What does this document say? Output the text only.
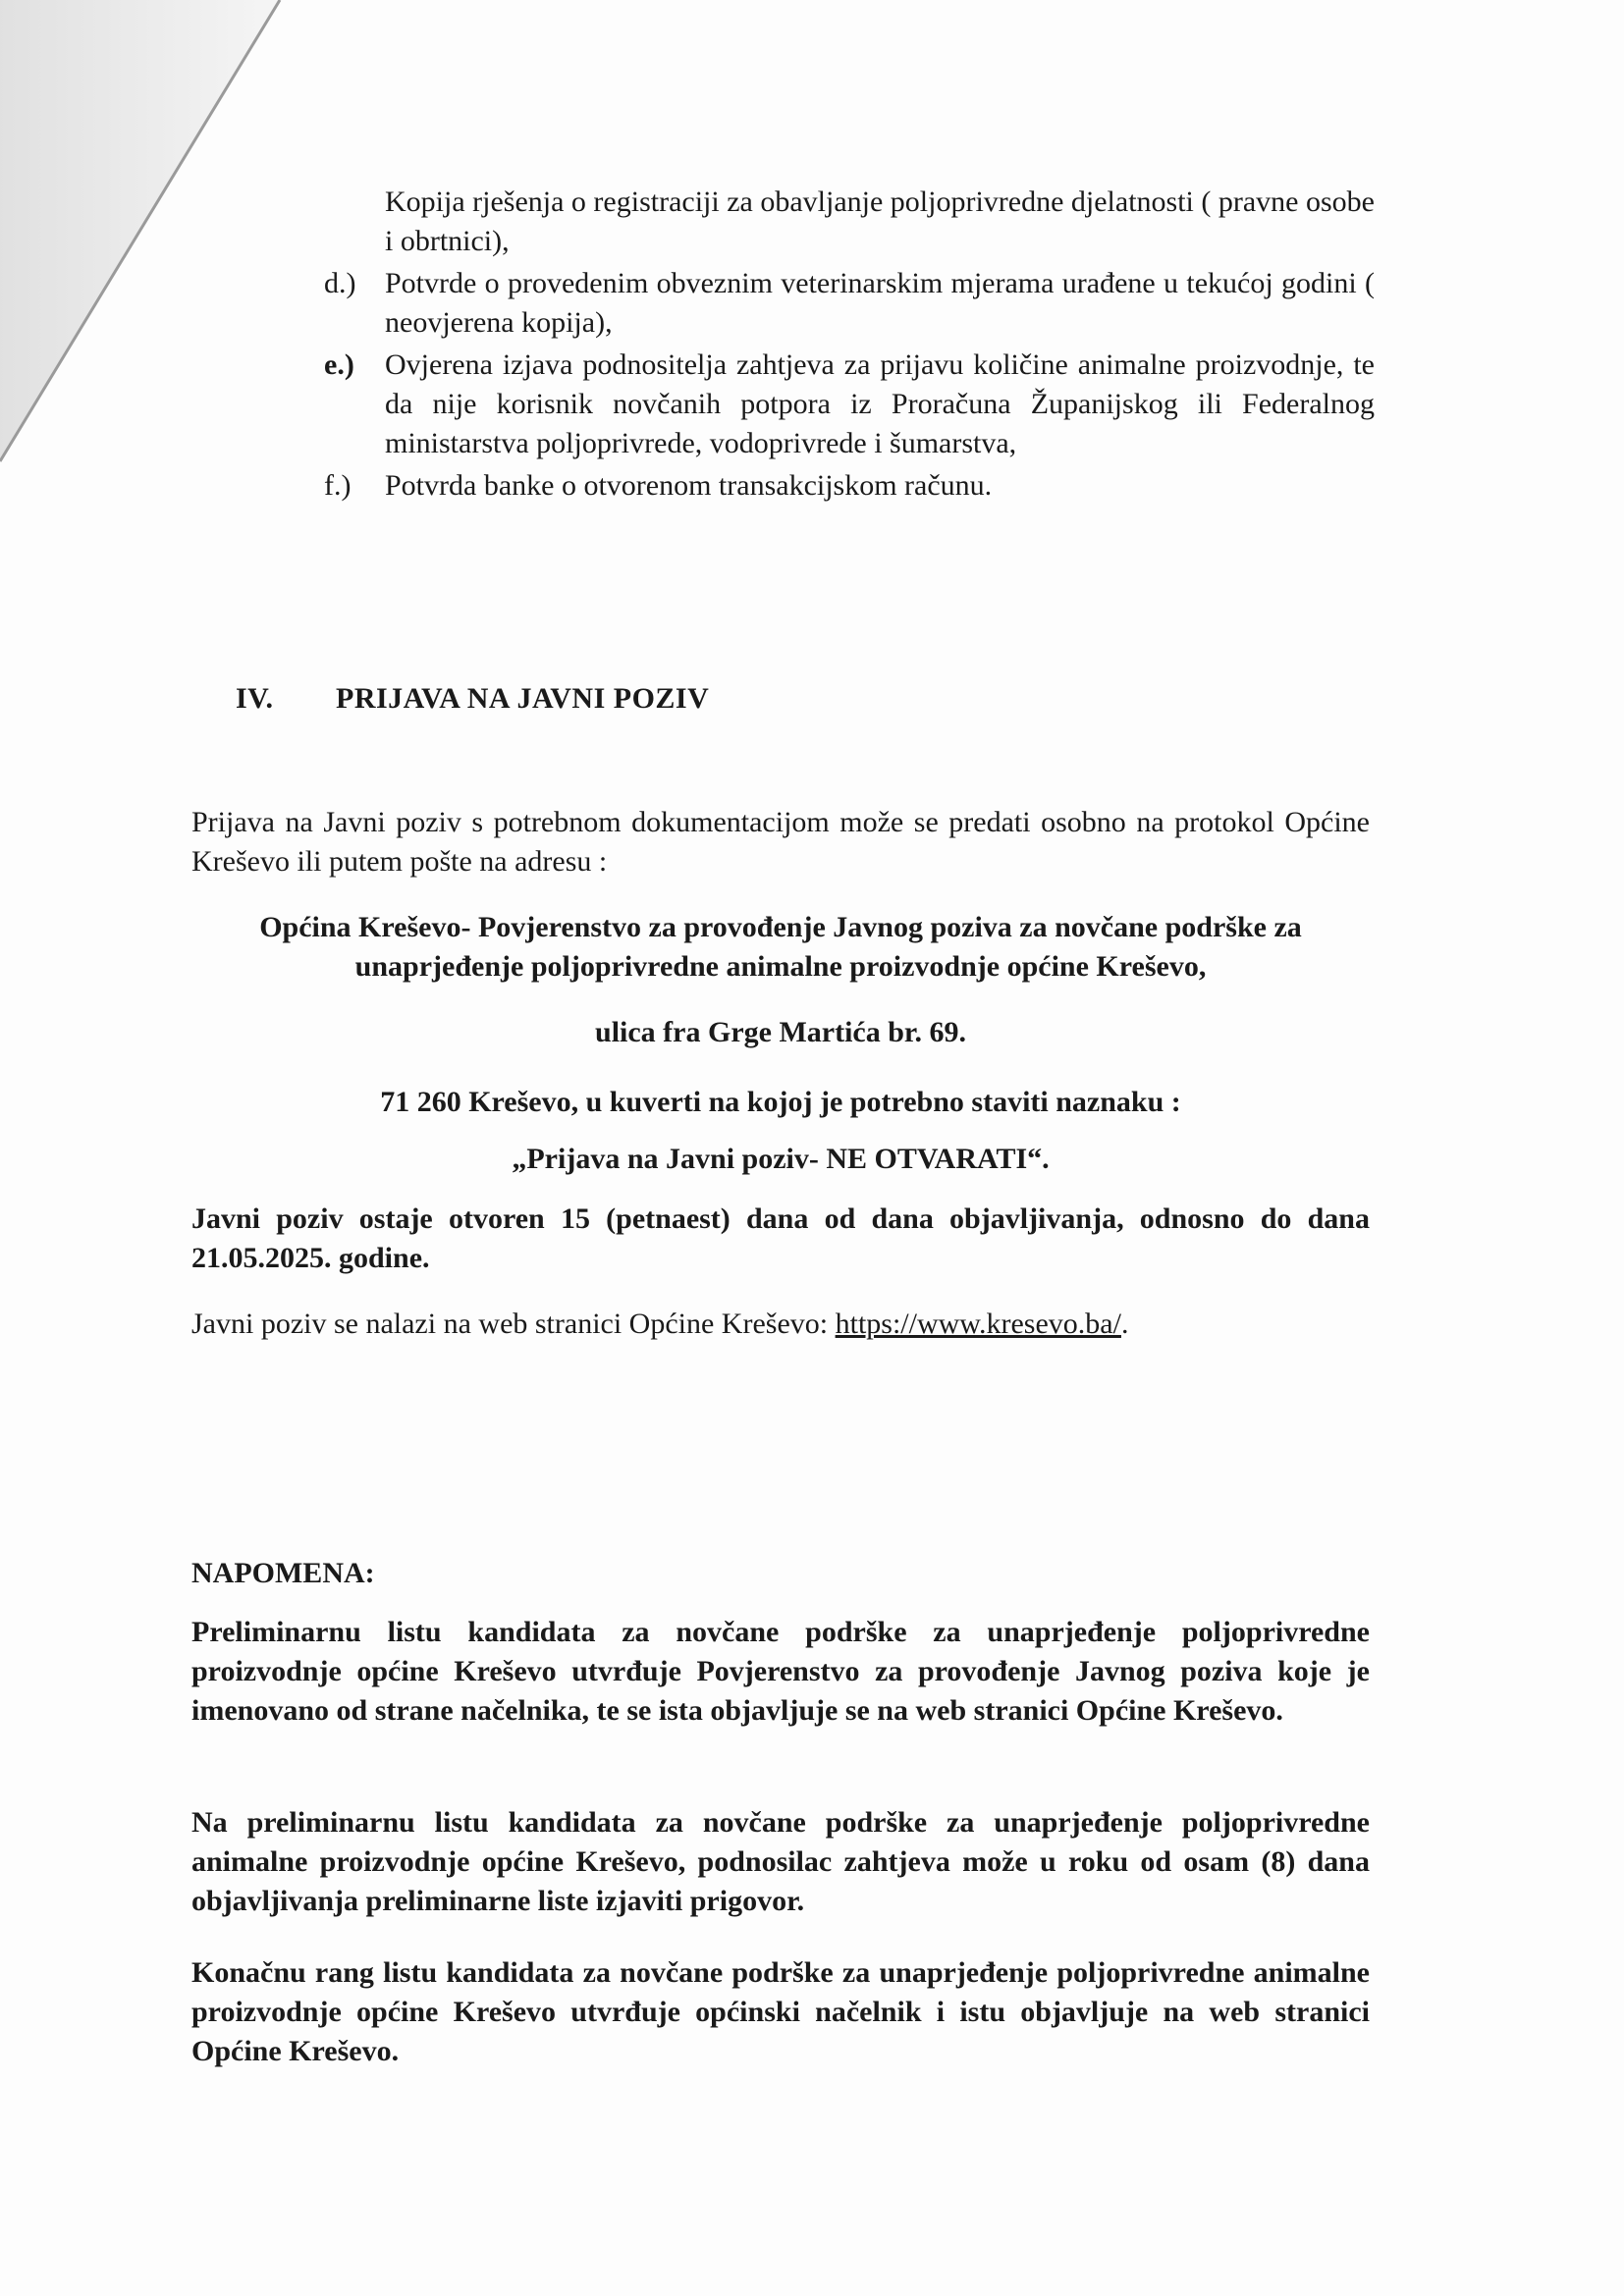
Kopija rješenja o registraciji za obavljanje poljoprivredne djelatnosti ( pravne osobe i obrtnici),
d.) Potvrde o provedenim obveznim veterinarskim mjerama urađene u tekućoj godini ( neovjerena kopija),
e.)	Ovjerena izjava podnositelja zahtjeva za prijavu količine animalne proizvodnje, te da nije korisnik novčanih potpora iz Proračuna Županijskog ili Federalnog ministarstva poljoprivrede, vodoprivrede i šumarstva,
f.)	Potvrda banke o otvorenom transakcijskom računu.
IV. PRIJAVA NA JAVNI POZIV
Prijava na Javni poziv s potrebnom dokumentacijom može se predati osobno na protokol Općine Kreševo ili putem pošte na adresu :
Općina Kreševo- Povjerenstvo za provođenje Javnog poziva za novčane podrške za unaprjeđenje poljoprivredne animalne proizvodnje općine Kreševo,
ulica fra Grge Martića br. 69.
71 260 Kreševo, u kuverti na kojoj je potrebno staviti naznaku :
„Prijava na Javni poziv- NE OTVARATI“.
Javni poziv ostaje otvoren 15 (petnaest) dana od dana objavljivanja, odnosno do dana 21.05.2025. godine.
Javni poziv se nalazi na web stranici Općine Kreševo: https://www.kresevo.ba/.
NAPOMENA:
Preliminarnu listu kandidata za novčane podrške za unaprjeđenje poljoprivredne proizvodnje općine Kreševo utvrđuje Povjerenstvo za provođenje Javnog poziva koje je imenovano od strane načelnika, te se ista objavljuje se na web stranici Općine Kreševo.
Na preliminarnu listu kandidata za novčane podrške za unaprjeđenje poljoprivredne animalne proizvodnje općine Kreševo, podnosilac zahtjeva može u roku od osam (8) dana objavljivanja preliminarne liste izjaviti prigovor.
Konačnu rang listu kandidata za novčane podrške za unaprjeđenje poljoprivredne animalne proizvodnje općine Kreševo utvrđuje općinski načelnik i istu objavljuje na web stranici Općine Kreševo.
